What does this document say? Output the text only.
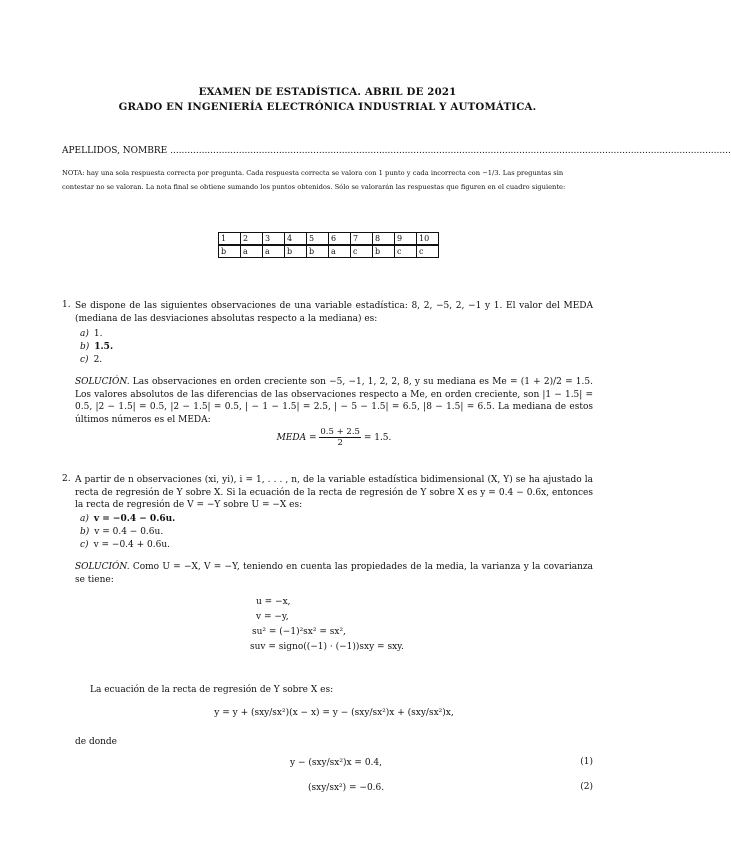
EXAMEN DE ESTADÍSTICA. ABRIL DE 2021
GRADO EN INGENIERÍA ELECTRÓNICA INDUSTRIAL Y AUTOMÁTICA.
APELLIDOS, NOMBRE ....................................................................................................................................................................................................
NOTA: hay una sola respuesta correcta por pregunta. Cada respuesta correcta se valora con 1 punto y cada incorrecta con −1/3. Las preguntas sin contestar no se valoran. La nota final se obtiene sumando los puntos obtenidos. Sólo se valorarán las respuestas que figuren en el cuadro siguiente:
1	2	3	4	5	6	7	8	9	10
b	a	a	b	b	a	c	b	c	c
1. Se dispone de las siguientes observaciones de una variable estadística: 8, 2, −5, 2, −1 y 1. El valor del MEDA (mediana de las desviaciones absolutas respecto a la mediana) es:
a) 1.
b) 1.5.
c) 2.
SOLUCIÓN. Las observaciones en orden creciente son −5, −1, 1, 2, 2, 8, y su mediana es Me = (1 + 2)/2 = 1.5. Los valores absolutos de las diferencias de las observaciones respecto a Me, en orden creciente, son |1 − 1.5| = 0.5, |2 − 1.5| = 0.5, |2 − 1.5| = 0.5, | − 1 − 1.5| = 2.5, | − 5 − 1.5| = 6.5, |8 − 1.5| = 6.5. La mediana de estos últimos números es el MEDA:
MEDA = $\frac{0.5 + 2.5}{2} = 1.5$.
2. A partir de n observaciones (xi, yi), i = 1, . . . , n, de la variable estadística bidimensional (X, Y) se ha ajustado la recta de regresión de Y sobre X. Si la ecuación de la recta de regresión de Y sobre X es y = 0.4 − 0.6x, entonces la recta de regresión de V = −Y sobre U = −X es:
a) v = −0.4 − 0.6u.
b) v = 0.4 − 0.6u.
c) v = −0.4 + 0.6u.
SOLUCIÓN. Como U = −X, V = −Y, teniendo en cuenta las propiedades de la media, la varianza y la covarianza se tiene:
u = −x,
v = −y,
su² = (−1)²sx² = sx²,
suv = signo((−1) · (−1))sxy = sxy.
La ecuación de la recta de regresión de Y sobre X es:
y = y + (sxy/sx²)(x − x) = y − (sxy/sx²)x + (sxy/sx²)x,
de donde
y − (sxy/sx²)x = 0.4,	(1)
(sxy/sx²) = −0.6.	(2)
